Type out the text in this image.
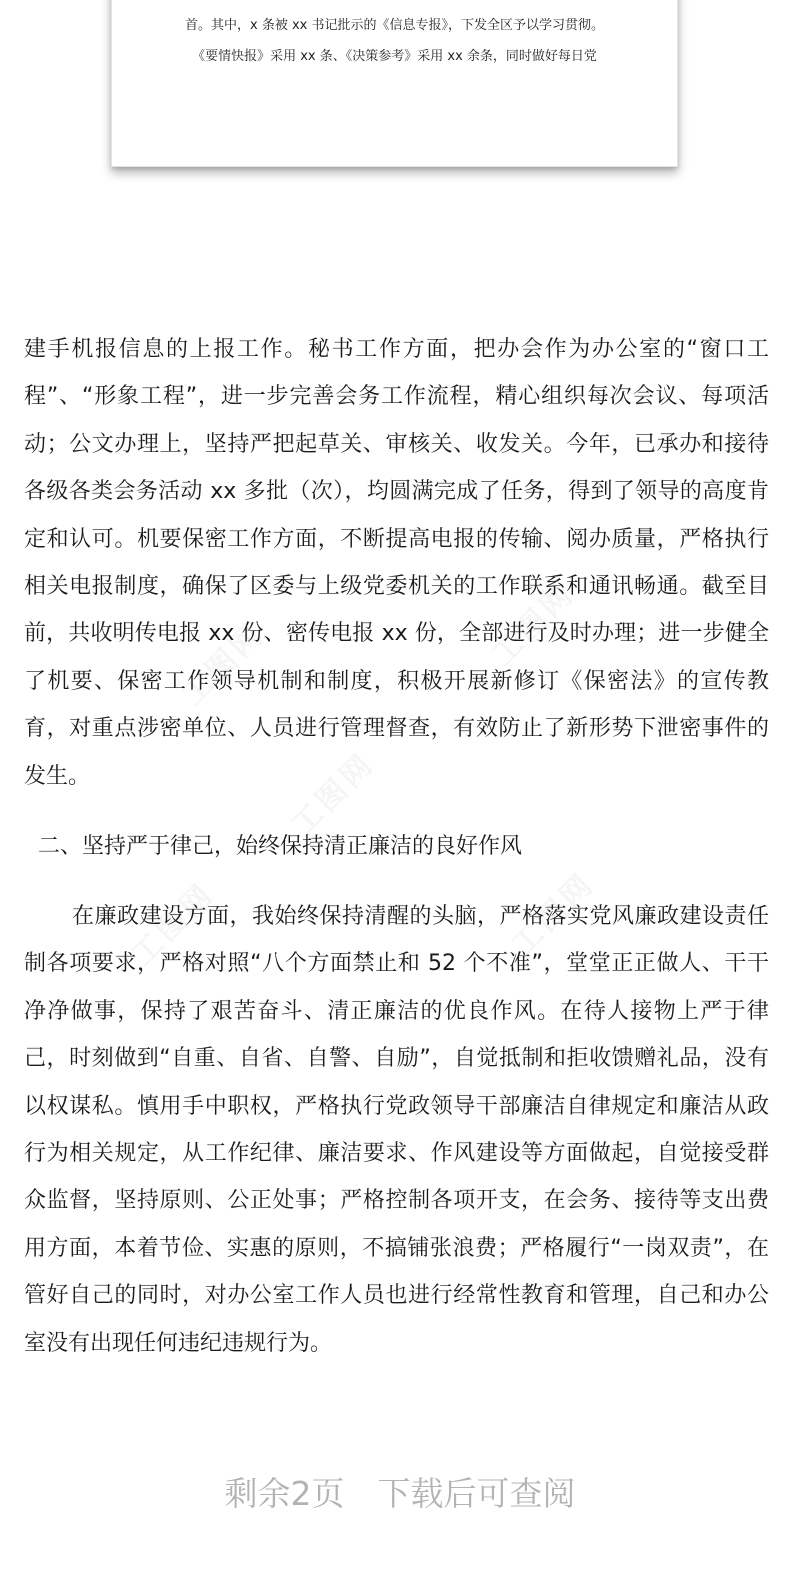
首。其中，x 条被 xx 书记批示的《信息专报》，下发全区予以学习贯彻。
《要情快报》采用 xx 条、《决策参考》采用 xx 余条，同时做好每日党
工图网	工图网
工图网
工图网	工图网

建手机报信息的上报工作。秘书工作方面，把办会作为办公室的“窗口工程”、“形象工程”，进一步完善会务工作流程，精心组织每次会议、每项活动；公文办理上，坚持严把起草关、审核关、收发关。今年，已承办和接待各级各类会务活动 xx 多批（次），均圆满完成了任务，得到了领导的高度肯定和认可。机要保密工作方面，不断提高电报的传输、阅办质量，严格执行相关电报制度，确保了区委与上级党委机关的工作联系和通讯畅通。截至目前，共收明传电报 xx 份、密传电报 xx 份，全部进行及时办理；进一步健全了机要、保密工作领导机制和制度，积极开展新修订《保密法》的宣传教育，对重点涉密单位、人员进行管理督查，有效防止了新形势下泄密事件的发生。

二、坚持严于律己，始终保持清正廉洁的良好作风

在廉政建设方面，我始终保持清醒的头脑，严格落实党风廉政建设责任制各项要求，严格对照“八个方面禁止和 52 个不准”，堂堂正正做人、干干净净做事，保持了艰苦奋斗、清正廉洁的优良作风。在待人接物上严于律己，时刻做到“自重、自省、自警、自励”，自觉抵制和拒收馈赠礼品，没有以权谋私。慎用手中职权，严格执行党政领导干部廉洁自律规定和廉洁从政行为相关规定，从工作纪律、廉洁要求、作风建设等方面做起，自觉接受群众监督，坚持原则、公正处事；严格控制各项开支，在会务、接待等支出费用方面，本着节俭、实惠的原则，不搞铺张浪费；严格履行“一岗双责”，在管好自己的同时，对办公室工作人员也进行经常性教育和管理，自己和办公室没有出现任何违纪违规行为。

剩余2页　下载后可查阅
